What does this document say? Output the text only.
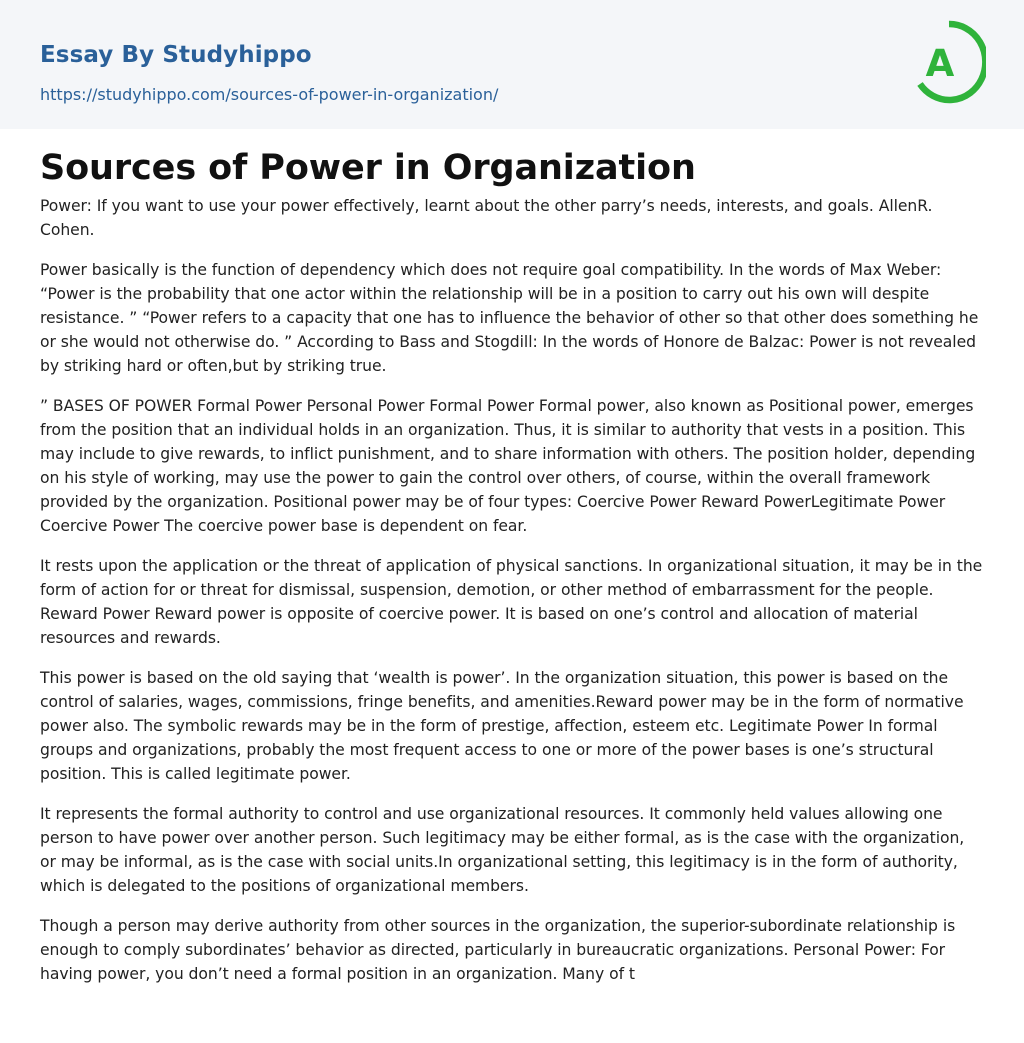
Essay By Studyhippo
https://studyhippo.com/sources-of-power-in-organization/
A
Sources of Power in Organization

Power: If you want to use your power effectively, learnt about the other parry’s needs, interests, and goals. AllenR. Cohen.

Power basically is the function of dependency which does not require goal compatibility. In the words of Max Weber: “Power is the probability that one actor within the relationship will be in a position to carry out his own will despite resistance. ” “Power refers to a capacity that one has to influence the behavior of other so that other does something he or she would not otherwise do. ” According to Bass and Stogdill: In the words of Honore de Balzac: Power is not revealed by striking hard or often,but by striking true.

” BASES OF POWER Formal Power Personal Power Formal Power Formal power, also known as Positional power, emerges from the position that an individual holds in an organization. Thus, it is similar to authority that vests in a position. This may include to give rewards, to inflict punishment, and to share information with others. The position holder, depending on his style of working, may use the power to gain the control over others, of course, within the overall framework provided by the organization. Positional power may be of four types: Coercive Power Reward PowerLegitimate Power Coercive Power The coercive power base is dependent on fear.

It rests upon the application or the threat of application of physical sanctions. In organizational situation, it may be in the form of action for or threat for dismissal, suspension, demotion, or other method of embarrassment for the people. Reward Power Reward power is opposite of coercive power. It is based on one’s control and allocation of material resources and rewards.

This power is based on the old saying that ‘wealth is power’. In the organization situation, this power is based on the control of salaries, wages, commissions, fringe benefits, and amenities.Reward power may be in the form of normative power also. The symbolic rewards may be in the form of prestige, affection, esteem etc. Legitimate Power In formal groups and organizations, probably the most frequent access to one or more of the power bases is one’s structural position. This is called legitimate power.

It represents the formal authority to control and use organizational resources. It commonly held values allowing one person to have power over another person. Such legitimacy may be either formal, as is the case with the organization, or may be informal, as is the case with social units.In organizational setting, this legitimacy is in the form of authority, which is delegated to the positions of organizational members.

Though a person may derive authority from other sources in the organization, the superior-subordinate relationship is enough to comply subordinates’ behavior as directed, particularly in bureaucratic organizations. Personal Power: For having power, you don’t need a formal position in an organization. Many of t
